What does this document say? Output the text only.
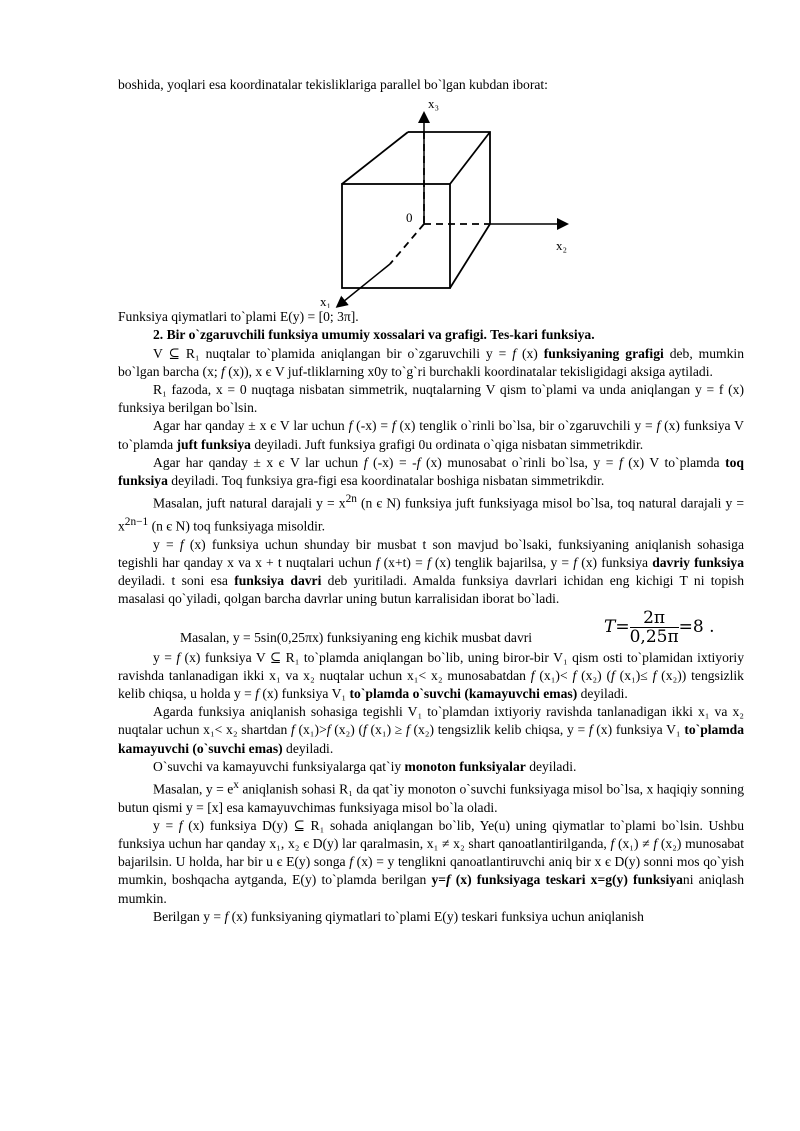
boshida, yoqlari esa koordinatalar tekisliklariga parallel bo`lgan kubdan iborat:

x₃
x₂
x₁
0

Funksiya qiymatlari to`plami E(y) = [0; 3π].

2. Bir o`zgaruvchili funksiya umumiy xossalari va grafigi. Tes-kari funksiya.

V ⊆ R₁ nuqtalar to`plamida aniqlangan bir o`zgaruvchili y = f (x) funksiyaning grafigi deb, mumkin bo`lgan barcha (x; f (x)), x є V juf-tliklarning x0y to`g`ri burchakli koordinatalar tekisligidagi aksiga aytiladi.

R₁ fazoda, x = 0 nuqtaga nisbatan simmetrik, nuqtalarning V qism to`plami va unda aniqlangan y = f (x) funksiya berilgan bo`lsin.

Agar har qanday ± x є V lar uchun f (-x) = f (x) tenglik o`rinli bo`lsa, bir o`zgaruvchili y = f (x) funksiya V to`plamda juft funksiya deyiladi. Juft funksiya grafigi 0u ordinata o`qiga nisbatan simmetrikdir.

Agar har qanday ± x є V lar uchun f (-x) = -f (x) munosabat o`rinli bo`lsa, y = f (x) V to`plamda toq funksiya deyiladi. Toq funksiya gra-figi esa koordinatalar boshiga nisbatan simmetrikdir.

Masalan, juft natural darajali $y = x^{2n}$ (n є N) funksiya juft funksiyaga misol bo`lsa, toq natural darajali $y = x^{2n-1}$ (n є N) toq funksiyaga misoldir.

y = f (x) funksiya uchun shunday bir musbat t son mavjud bo`lsaki, funksiyaning aniqlanish sohasiga tegishli har qanday x va x + t nuqtalari uchun f (x+t) = f (x) tenglik bajarilsa, y = f (x) funksiya davriy funksiya deyiladi. t soni esa funksiya davri deb yuritiladi. Amalda funksiya davrlari ichidan eng kichigi T ni topish masalasi qo`yiladi, qolgan barcha davrlar uning butun karralisidan iborat bo`ladi.

Masalan, y = 5sin(0,25πx) funksiyaning eng kichik musbat davri
$T= \frac{2\pi}{0,25\pi} =8$ .

y = f (x) funksiya V ⊆ R₁ to`plamda aniqlangan bo`lib, uning biror-bir V₁ qism osti to`plamidan ixtiyoriy ravishda tanlanadigan ikki x₁ va x₂ nuqtalar uchun x₁< x₂ munosabatdan f (x₁)< f (x₂) (f (x₁)≤ f (x₂)) tengsizlik kelib chiqsa, u holda y = f (x) funksiya V₁ to`plamda o`suvchi (kamayuvchi emas) deyiladi.

Agarda funksiya aniqlanish sohasiga tegishli V₁ to`plamdan ixtiyoriy ravishda tanlanadigan ikki x₁ va x₂ nuqtalar uchun x₁< x₂ shartdan f (x₁)>f (x₂) (f (x₁) ≥ f (x₂) tengsizlik kelib chiqsa, y = f (x) funksiya V₁ to`plamda kamayuvchi (o`suvchi emas) deyiladi.

O`suvchi va kamayuvchi funksiyalarga qat`iy monoton funksiyalar deyiladi.

Masalan, $y = e^x$ aniqlanish sohasi R₁ da qat`iy monoton o`suvchi funksiyaga misol bo`lsa, x haqiqiy sonning butun qismi y = [x] esa kamayuvchimas funksiyaga misol bo`la oladi.

y = f (x) funksiya D(y) ⊆ R₁ sohada aniqlangan bo`lib, Ye(u) uning qiymatlar to`plami bo`lsin. Ushbu funksiya uchun har qanday x₁, x₂ є D(y) lar qaralmasin, x₁ ≠ x₂ shart qanoatlantirilganda, f (x₁) ≠ f (x₂) munosabat bajarilsin. U holda, har bir u є E(y) songa f (x) = y tenglikni qanoatlantiruvchi aniq bir x є D(y) sonni mos qo`yish mumkin, boshqacha aytganda, E(y) to`plamda berilgan y=f (x) funksiyaga teskari x=g(y) funksiyani aniqlash mumkin.

Berilgan y = f (x) funksiyaning qiymatlari to`plami E(y) teskari funksiya uchun aniqlanish
